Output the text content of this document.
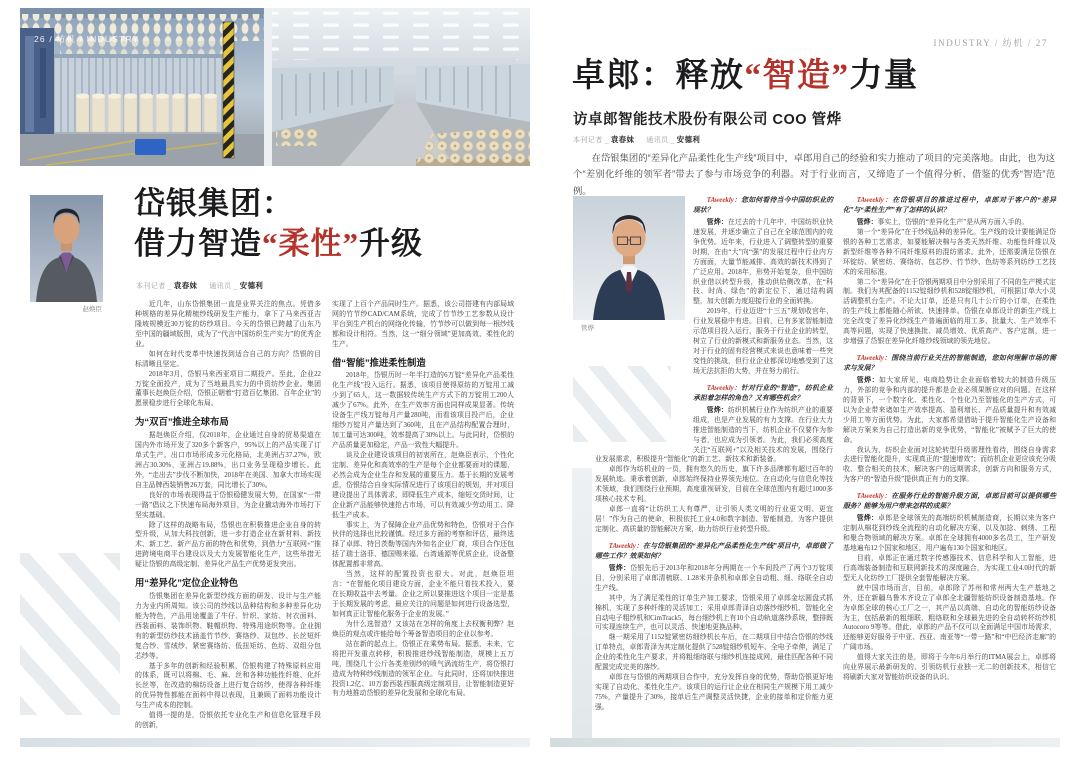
26 / 纺机 / INDUSTRY
赵焕臣
岱银集团：
借力智造“柔性”升级
本刊记者 _ 袁春妹 通讯员 _ 安德利

近几年，山东岱银集团一直是业界关注的焦点。凭借多种规格的差异化精梳纱线研发生产能力，拿下了马来西亚吉隆坡规模近30万锭的纺纱项目。今天的岱银已跨越了山东乃至中国的疆域版图，成为了“代言中国纺织生产实力”的优秀企业。

如何在时代变革中快速找到适合自己的方向？岱银的目标清晰且坚定。

2018年3月，岱银马来西亚项目二期投产。至此，企业22万锭全面投产，成为了当地最具实力的中资纺纱企业。集团董事长赵焕臣介绍，岱银正朝着“打造百亿集团、百年企业”的愿景稳步进行全球化布局。

为“双百”推进全球布局

据赵焕臣介绍，仅2018年，企业通过自身的贸易渠道在国内外市场开发了320多个新客户，95%以上的产品实现了订单式生产。出口市场形成多元化格局，北美洲占37.27%，欧洲占30.30%，亚洲占19.88%，出口业务呈现稳步增长。此外，“走出去”步伐不断加快，2018年在美国、加拿大市场实现自主品牌西装销售26万套，同比增长了30%。

良好的市场表现得益于岱银稳健发展大势，在国家“一带一路”倡议之下快速布局海外项目，为企业撬动海外市场打下坚实基础。

除了这样的战略布局，岱银也在积极推进企业自身的转型升级，从加大科技创新，进一步打造企业在新材料、新技术、新工艺、新产品方面的特色和优势，到借力“互联网+”推进跨境电商平台建设以及大力发展智能化生产，这些举措无疑让岱银的高级定制、差异化产品生产优势更发突出。

用“差异化”定位企业特色

岱银集团在差异化新型纱线方面的研发、设计与生产能力为业内所周知。该公司的纱线以品种结构和多种差异化功能为特色，产品用途覆盖了牛仔、针织、家纺、衬衣面料、西装面料、装饰织物、鞋帽织物、特殊用途织物等。企业拥有的新型纺纱技术涵盖竹节纱、赛络纱、双包纱、长丝短纤复合纱、雪绒纱、紧密赛络纺、低扭矩纺、色纺、双组分包芯纱等。

基于多年的创新和经验积累，岱银构建了特殊原料应用的体系，既可以将棉、毛、麻、丝和各种功能性纤维、化纤长丝等，在改造的棉纺设备上进行复合纺纱，使得各种纤维的优异特性都能在面料中得以表现，且兼顾了面料功能设计与生产成本的控制。

值得一提的是，岱银依托专业化生产和信息化管理手段的创新，

实现了上百个产品同时生产。据悉，该公司搭建有内部局域网的竹节纱CAD/CAM系统，完成了竹节纱工艺参数从设计平台到生产机台的网络化传输，竹节纱可以做到每一根纱线都和设计相符。当然，这一“细分领域”更加高效、柔性化的生产。

借“智能”推进柔性制造

2018年，岱银历时一年半打造的6万锭“差异化产品柔性化生产线”投入运行。据悉，该项目使得原纺的万锭用工减少到了65人，这一数据较传统生产方式下的万锭用工200人减少了67%。此外，在生产效率方面也同样成果显著。传统设备生产线万锭每月产量280吨，而看该项目投产后，企业细纱万锭月产量达到了360吨，且在产品结构配置合理时，加工量可达300吨，效率提高了30%以上。与此同时，岱银的产品质量更加稳定，产品一致性大幅提升。

谈及企业建设该项目的初衷所在，赵焕臣表示，个性化定制、差异化和高效率的生产是每个企业都要面对的课题，必然会成为企业生存和发展的重要压力。基于长期的发展考虑，岱银结合自身实际情况进行了该项目的规划，并对项目建设提出了具体需求，即降低生产成本，缩短交货时间，让企业新产品能够快速抢占市场，可以有效减少劳动用工、降低生产成本。

事实上，为了保障企业产品优势和特色，岱银对于合作伙伴的选择也比较谨慎。经过多方面的考察和评估，最终选择了卓郎、特吕茨勒等国内外知名企业厂商，项目合作还包括了瑞士洛菲、德国赐来福、台湾通源等优质企业，设备整体配置都非常高。

当然，这样的配置投资也很大。对此，赵焕臣坦言：“在智能化项目建设方面，企业不能只看技术投入，要在长期收益中去考量。企业之所以要推进这个项目一定是基于长期发展的考虑，最应关注的问题是如何进行设备选型，如何真正让智能化服务于企业的发展。”

为什么选智造？又该站在怎样的角度上去权衡利弊？赵焕臣的观点或许能给每个筹备智造项目的企业以参考。

站在新的起点上，岱银正在乘势布局。据悉，未来，它将把开发重点转移，积极推进纱线智能制造，规模上五万吨，围绕几十公斤各类差别纱的喷气涡流纺生产，将岱银打造成为特种纱线制造的领军企业。与此同时，还将加快推进投资1.2亿、10万套西装西服高级定制项目，让智能制造更好有力地推动岱银的差异化发展和全球化布局。

INDUSTRY / 纺机 / 27
卓郎：释放“智造”力量
访卓郎智能技术股份有限公司 COO 管烨
本刊记者 _ 袁春妹 通讯员 _ 安德利

在岱银集团的“差异化产品柔性化生产线”项目中，卓郎用自己的经验和实力推动了项目的完美落地。由此，也为这个“差别化纤维的领军者”带去了参与市场竞争的利器。对于行业而言，又缔造了一个值得分析、借鉴的优秀“智造”范例。

管烨

TAweekly：您如何看待当今中国纺织业的现状？

管烨：在过去的十几年中，中国纺织业快速发展，并逐步确立了自己在全球范围内的竞争优势。近年来，行业进入了调整转型的重要时期，在由“大”向“强”的发展过程中行业内方方面面，大量节能减排、高效的新技术得到了广泛应用。2018年，形势开始复杂，但中国纺织业借以转型升级，推动供给侧改革，在“科技、时尚、绿色”的新定位下，通过结构调整，加大创新力度迎接行业的全面转换。

2019年，行业迈进“十三五”规划收官年，行业发展稳中有进。目前，已有多家智能制造示范项目投入运行，服务于行业企业的转型，树立了行业的新模式和新服务业态。当然，这对于行业的固有经营模式来说也意味着一些突变性的挑战，但行业企业都深切地感受到了这场无法抗拒的大势，并在努力前行。

TAweekly：针对行业的“智造”，纺机企业承担着怎样的角色？又有哪些机会？

管烨：纺织机械行业作为纺织产业的重要组成，也是产业发展的有力支撑。在行业大力推进智能制造的当下，纺机企业不仅要作为参与者，也应成为引领者。为此，我们必须高度关注“互联网+”以及相关技术的发展，围绕行业发展需求，积极提升“智能化”的新工艺、新技术和新装备。

卓郎作为纺机业的一员，拥有悠久的历史，旗下许多品牌都有超过百年的发展轨迹。秉承着创新，卓郎始终保持业界领先地位。在自动化与信息化等技术领域，我们围绕行业预期，高度重视研发，目前在全球范围内有超过1000多项核心技术专利。

卓郎一直将“让纺织工人有尊严，让引领人类文明的行业更文明、更宜居！”作为自己的使命，积极依托工业4.0和数字制造、智能制造，为客户提供定制化、高质量的智能解决方案，助力纺织行业转型升级。

TAweekly：在与岱银集团的“差异化产品柔性化生产线”项目中，卓郎做了哪些工作？效果如何？

管烨：岱银先后于2013年和2018年分两期在一个车间投产了两个3万锭项目，分别采用了卓郎清梳联、1.28米并条机和卓郎全自动粗、细、络联全自动生产线。

其中，为了满足柔性的订单生产加工要求，岱银采用了卓郎金坛圆盘式抓棉机，实现了多种纤维的灵活加工；采用卓郎青泽自动落纱细纱机、智能化全自动电子粗纱机和CimTrack5，每台细纱机上有10个自动轨道落纱系统，整排既可实现连续生产，也可以灵活、快速地更换品种。

继一期采用了1152锭紧密纺细纱机长车后，在二期项目中结合岱银的纱线订单特点，卓郎青泽为其定制化提供了528锭细纱机短车、全电子牵伸，满足了企业的柔性化生产要求，并将粗细络联与细纱机连接成网，最佳匹配各种不同配置完成完美的落纱。

卓郎在与岱银的两期项目合作中，充分发挥自身的优势，帮助岱银更好地实现了自动化、柔性化生产。该项目的运行让企业在相同生产规模下用工减少75%，产量提升了30%，接单后生产调整灵活快捷，企业的接单和定价能力更强。

TAweekly：在岱银项目的推进过程中，卓郎对于客户的“差异化”与“柔性生产”有了怎样的认识？

管烨：事实上，岱银的“差异化生产”是从两方面入手的。

第一个“差异化”在于纱线品种的差异化。生产线的设计要能满足岱银的各种工艺需求，如要能解决棉与各类天然纤维、功能性纤维以及新型纤维等各种不同纤维原料的混纺需求。此外，还需要满足岱银在环锭纺、紧密纺、赛络纺、包芯纱、竹节纱、色纺等系列纺纱工艺技术的采用标准。

第二个“差异化”在于岱银两期项目中分别采用了不同的生产模式定制。我们为其配备的1152锭细纱机和528锭细纱机，可根据订单大小灵活调整机台生产。不论大订单，还是只有几十公斤的小订单，在柔性的生产线上都能随心所欲、快速排单。岱银在卓郎设计的新生产线上完全改变了差异化纱线生产普遍面临的用工多、批量大、生产效率不高等问题，实现了快速换批、减员增效、优质高产、客户定制，进一步增强了岱银在差异化纤维纱线领域的领先地位。

TAweekly：围绕当前行业关注的智能制造，您如何理解市场的需求与发展？

管烨：如大家所见，电商趋势让企业面临着较大的制造升级压力，外部的竞争和内部的提升都是企业必须果断应对的问题。在这样的背景下，一个数字化、柔性化、个性化乃至智能化的生产方式，可以为企业带来诸如生产效率提高、盈利增长、产品质量提升和有效减少用工等方面优势。为此，大家都希望借助于提升智能化生产设备和解决方案来为自己打造出新的竞争优势，“智能化”被赋予了巨大的使命。

我认为，纺织企业面对这轮转型升级需理性看待，围绕自身需求去进行智能化提升，实现真正的“提速增效”；而纺机企业更应该充分吸收、整合相关的技术，解决客户的远期需求，创新方向和服务方式，为客户的“智造升级”提供真正有力的支撑。

TAweekly：在服务行业的智能升级方面，卓郎目前可以提供哪些服务？能够为用户带来怎样的成果？

管烨：卓郎是全球领先的高端纺织机械制造商，长期以来为客户定制从棉花到纱线全流程的自动化解决方案，以及加捻、刺绣、工程和聚合物领域的解决方案。卓郎在全球拥有4000多名员工，生产研发基地遍布12个国家和地区，用户遍布130个国家和地区。

目前，卓郎正在通过数字传感器技术、信息科学和人工智能，进行高端装备制造和互联网新技术的深度融合，为实现工业4.0时代的新型无人化纺纱工厂提供全套智能解决方案。

就中国市场而言，目前，卓郎除了苏州和常州两大生产基地之外，还在新疆乌鲁木齐设立了卓郎全北疆智能纺织设备制造基地。作为卓郎全球的核心工厂之一，其产品以高端、自动化的智能纺纱设备为主，包括最新的粗细联、粗络联和全球最先进的全自动转杯纺纱机Autocoro 9等等。借此，卓郎的产品不仅可以全面满足中国市场需求，还能够更好服务于中亚、西亚、南亚等“一带一路”和“中巴经济走廊”的广阔市场。

值得大家关注的是，即将于今年6月举行的ITMA展会上，卓郎将向业界展示最新研发的、引领纺机行业独一无二的创新技术，相信它将刷新大家对智能纺织设备的认识。
